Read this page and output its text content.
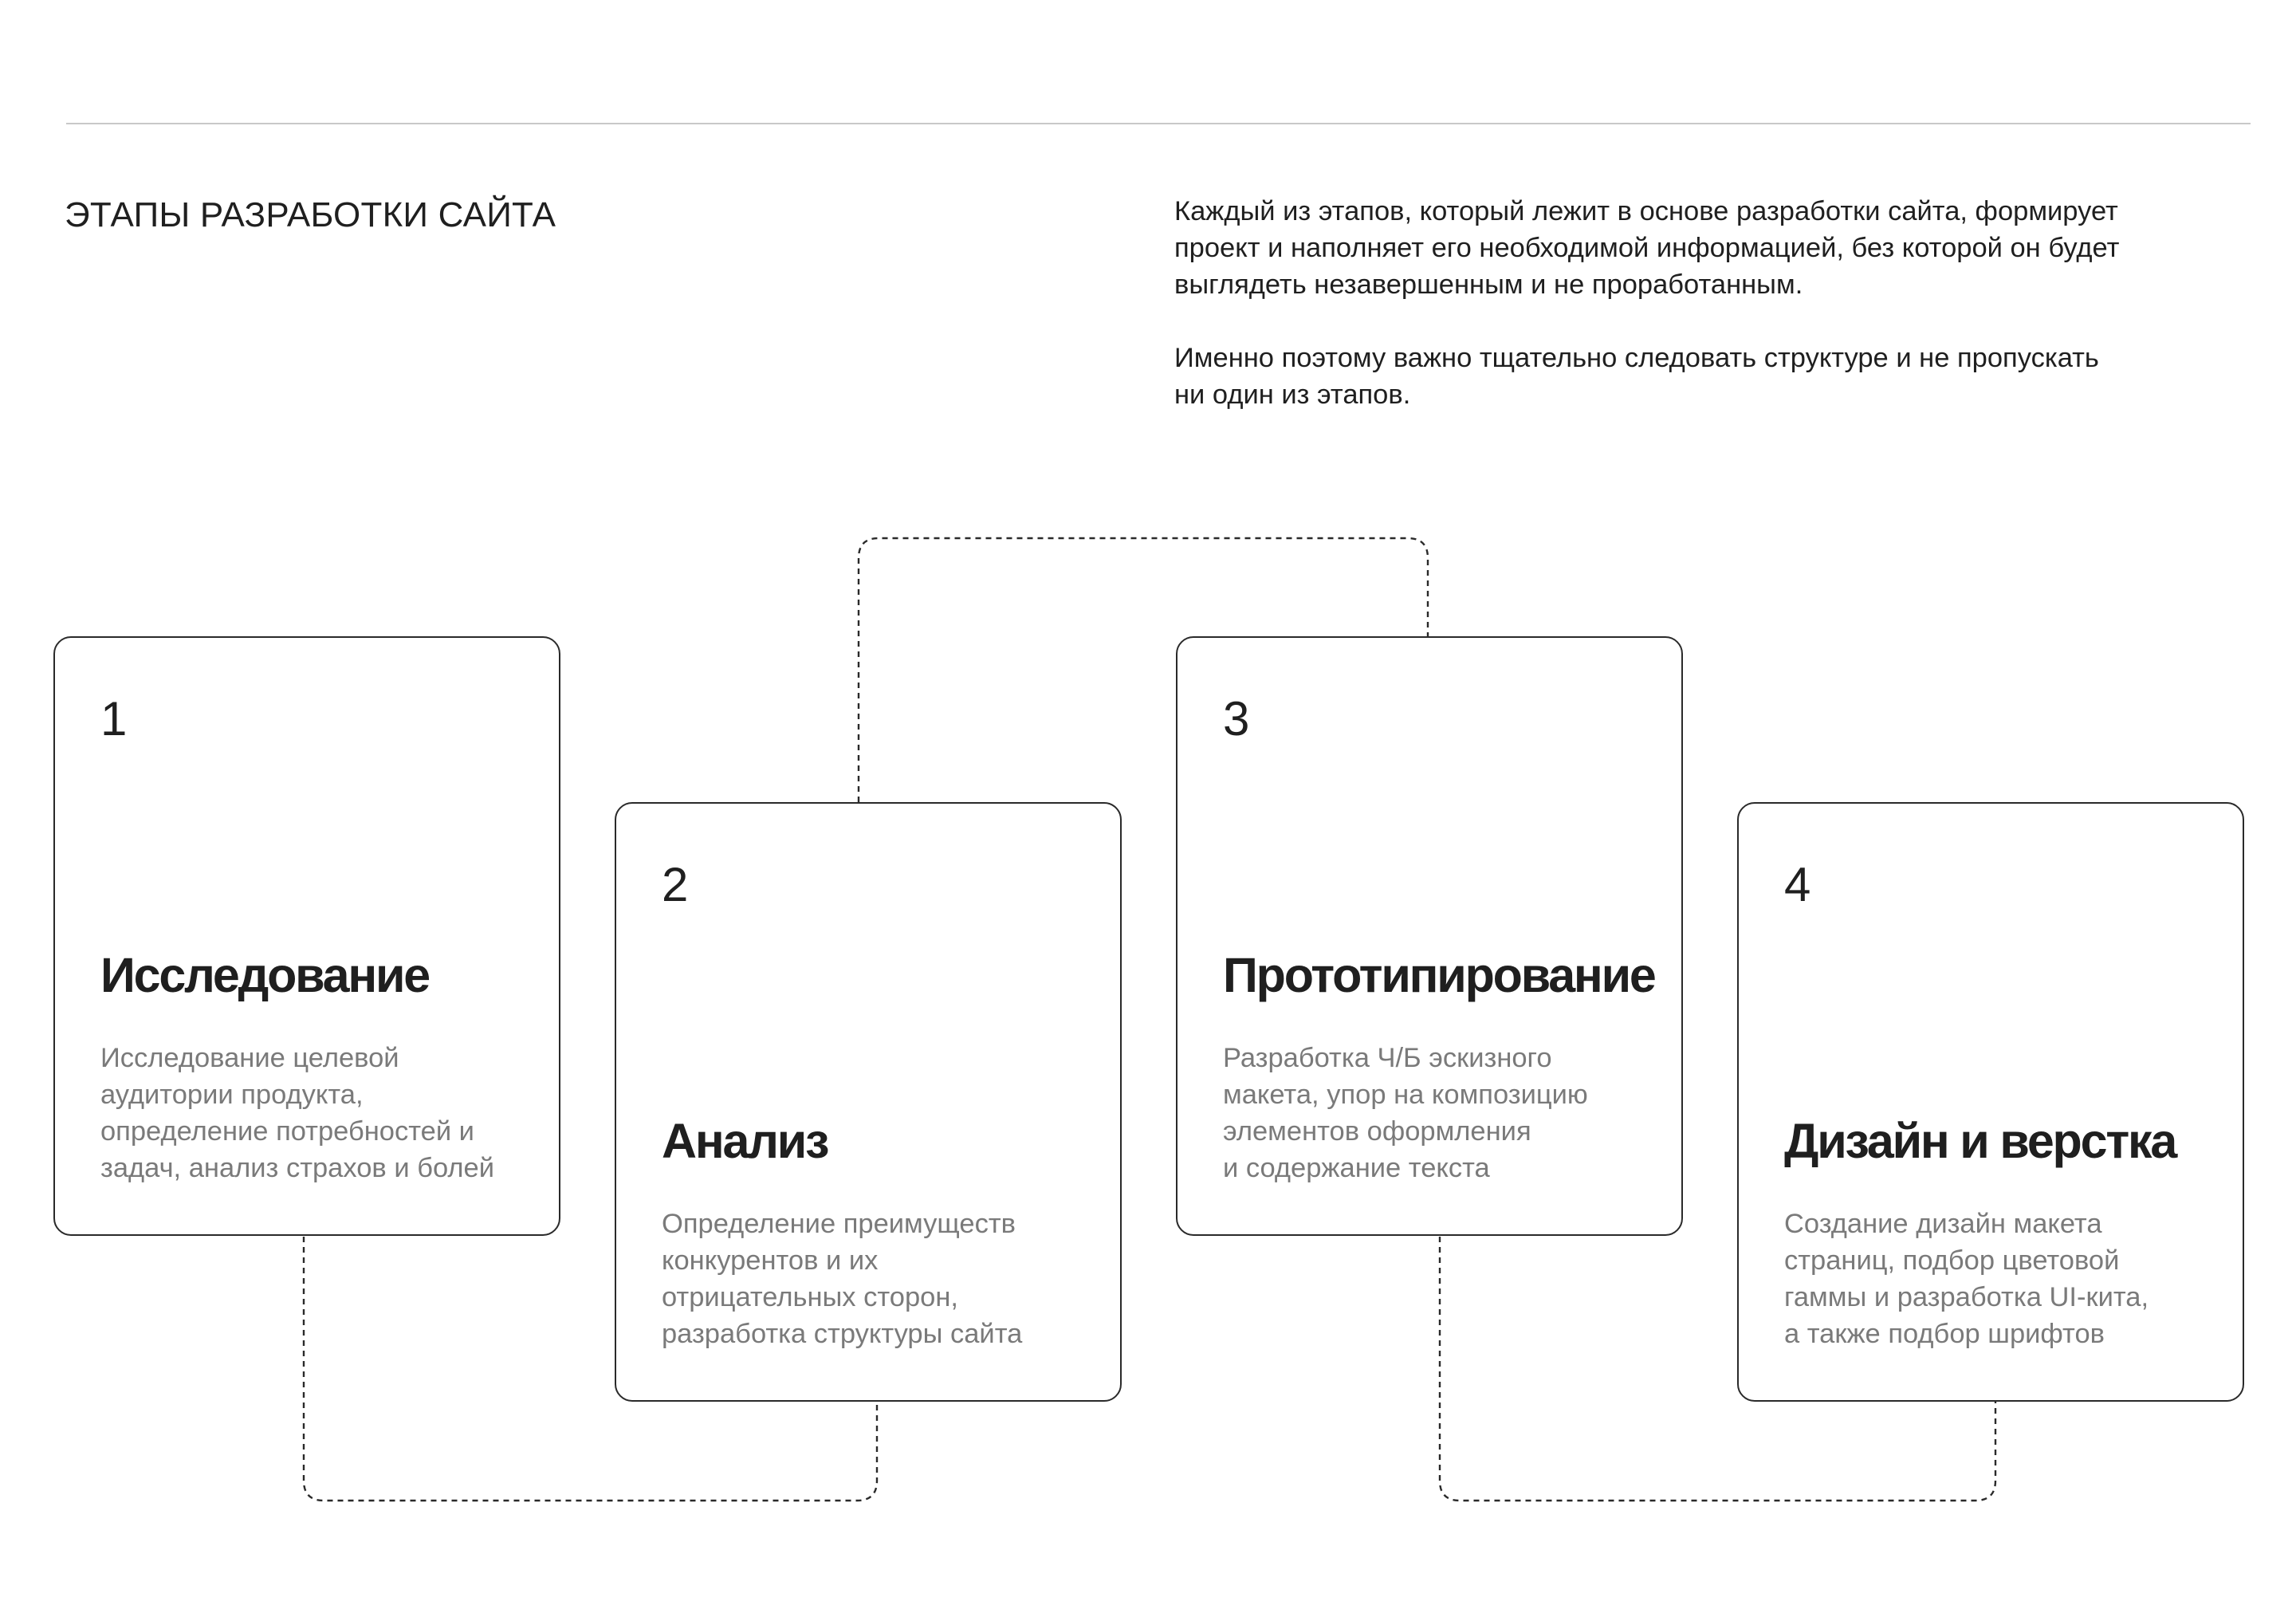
ЭТАПЫ РАЗРАБОТКИ САЙТА	Каждый из этапов, который лежит в основе разработки сайта, формирует
проект и наполняет его необходимой информацией, без которой он будет
выглядеть незавершенным и не проработанным.

Именно поэтому важно тщательно следовать структуре и не пропускать
ни один из этапов.

1
Исследование
Исследование целевой
аудитории продукта,
определение потребностей и
задач, анализ страхов и болей
2
Анализ
Определение преимуществ
конкурентов и их
отрицательных сторон,
разработка структуры сайта
3
Прототипирование
Разработка Ч/Б эскизного
макета, упор на композицию
элементов оформления
и содержание текста
4
Дизайн и верстка
Создание дизайн макета
страниц, подбор цветовой
гаммы и разработка UI-кита,
а также подбор шрифтов
